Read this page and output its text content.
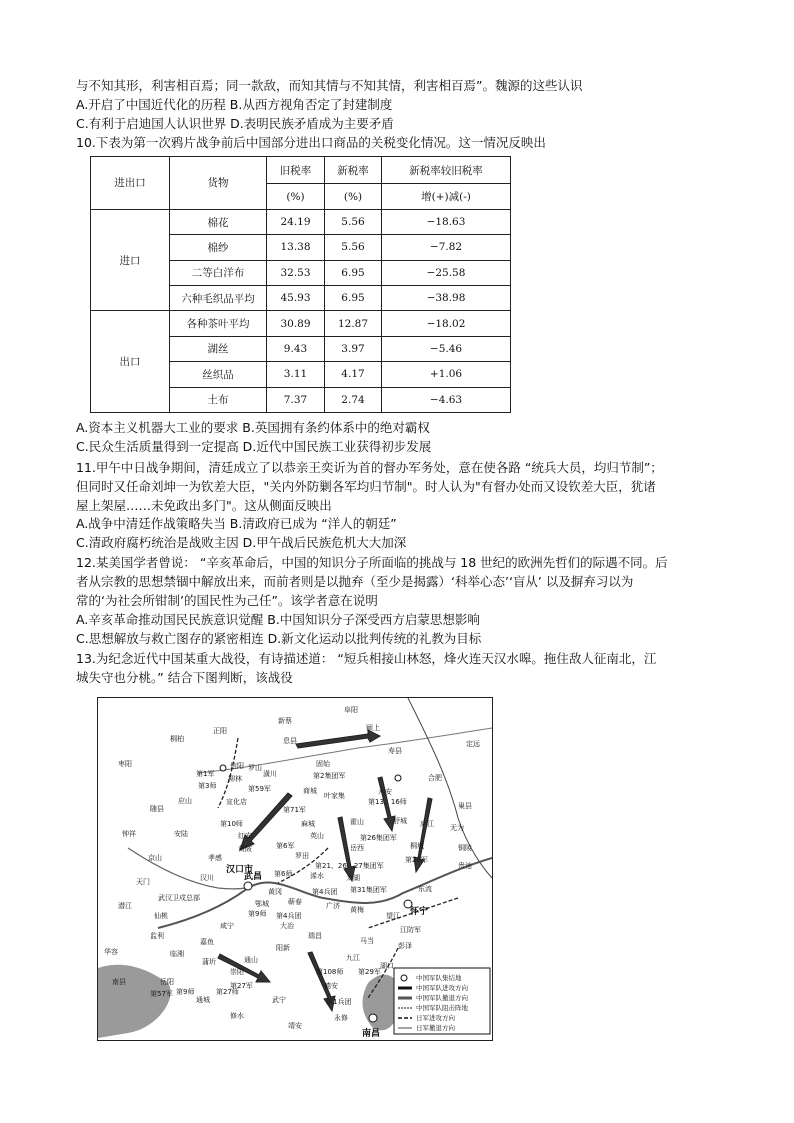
与不知其形，利害相百焉；同一款敌，而知其情与不知其情，利害相百焉”。魏源的这些认识
A.开启了中国近代化的历程 B.从西方视角否定了封建制度
C.有利于启迪国人认识世界 D.表明民族矛盾成为主要矛盾
10.下表为第一次鸦片战争前后中国部分进出口商品的关税变化情况。这一情况反映出
进出口	货物	旧税率	新税率	新税率较旧税率
		(%)	(%)	增(+)减(-)
进口	棉花	24.19	5.56	−18.63
	棉纱	13.38	5.56	−7.82
	二等白洋布	32.53	6.95	−25.58
	六种毛织品平均	45.93	6.95	−38.98
出口	各种茶叶平均	30.89	12.87	−18.02
	湖丝	9.43	3.97	−5.46
	丝织品	3.11	4.17	+1.06
	土布	7.37	2.74	−4.63
A.资本主义机器大工业的要求 B.英国拥有条约体系中的绝对霸权
C.民众生活质量得到一定提高 D.近代中国民族工业获得初步发展
11.甲午中日战争期间，清廷成立了以恭亲王奕䜣为首的督办军务处，意在使各路 “统兵大员，均归节制”；
但同时又任命刘坤一为钦差大臣，"关内外防剿各军均归节制"。时人认为"有督办处而又设钦差大臣，犹诸
屋上架屋……未免政出多门"。这从侧面反映出
A.战争中清廷作战策略失当 B.清政府已成为 “洋人的朝廷”
C.清政府腐朽统治是战败主因 D.甲午战后民族危机大大加深
12.某美国学者曾说： “辛亥革命后，中国的知识分子所面临的挑战与 18 世纪的欧洲先哲们的际遇不同。后
者从宗教的思想禁锢中解放出来，而前者则是以抛弃（至少是揭露）‘科举心态’‘盲从’ 以及摒弃习以为
常的‘为社会所钳制’的国民性为己任”。该学者意在说明
A.辛亥革命推动国民民族意识觉醒 B.中国知识分子深受西方启蒙思想影响
C.思想解放与救亡图存的紧密相连 D.新文化运动以批判传统的礼教为目标
13.为纪念近代中国某重大战役，有诗描述道： “短兵相接山林怒，烽火连天汉水嗥。拖住敌人征南北，江
城失守也分桃。” 结合下图判断，该战役
阜阳
新蔡
颍上
正阳
息县
寿县
定远
合肥
桐柏
信阳 罗山
潢川
固始
枣阳
第1军
第3师
柳林
第59军
第2集团军
商城
叶家集	六安
第13、16师
第71军	巢县
随县
应山	宣化店
麻城	霍山	舒城
第10师
红安	英山	第26集团军
庐江 无为
安陆
黄陂	岳西	桐城
钟祥
京山	孝感	罗田
第21、26、27集团军
第6军
第20军
铜陵
天门	汉川
汉口市
武昌	浠水
第6师
第4兵团
太湖
贵池
潜江
仙桃
黄冈
蕲春	广济
东流
怀宁
武汉卫戍总部
鄂城
黄梅
望江
第9师
第31集团军
江防军
监利
咸宁	大冶
第4兵团
瑞昌
马当
彭泽
华容
嘉鱼
阳新
九江
湖口
岳阳
蒲圻
崇阳
第27军
通山
武宁
德安
第108师 第29军
南县
第9师
第57军
通城
修水
靖安
永修
第1兵团
南昌
临湘
第27师
中国军队集结地
中国军队进攻方向
中国军队撤退方向
中国军队阻击阵地
日军进攻方向
日军撤退方向
